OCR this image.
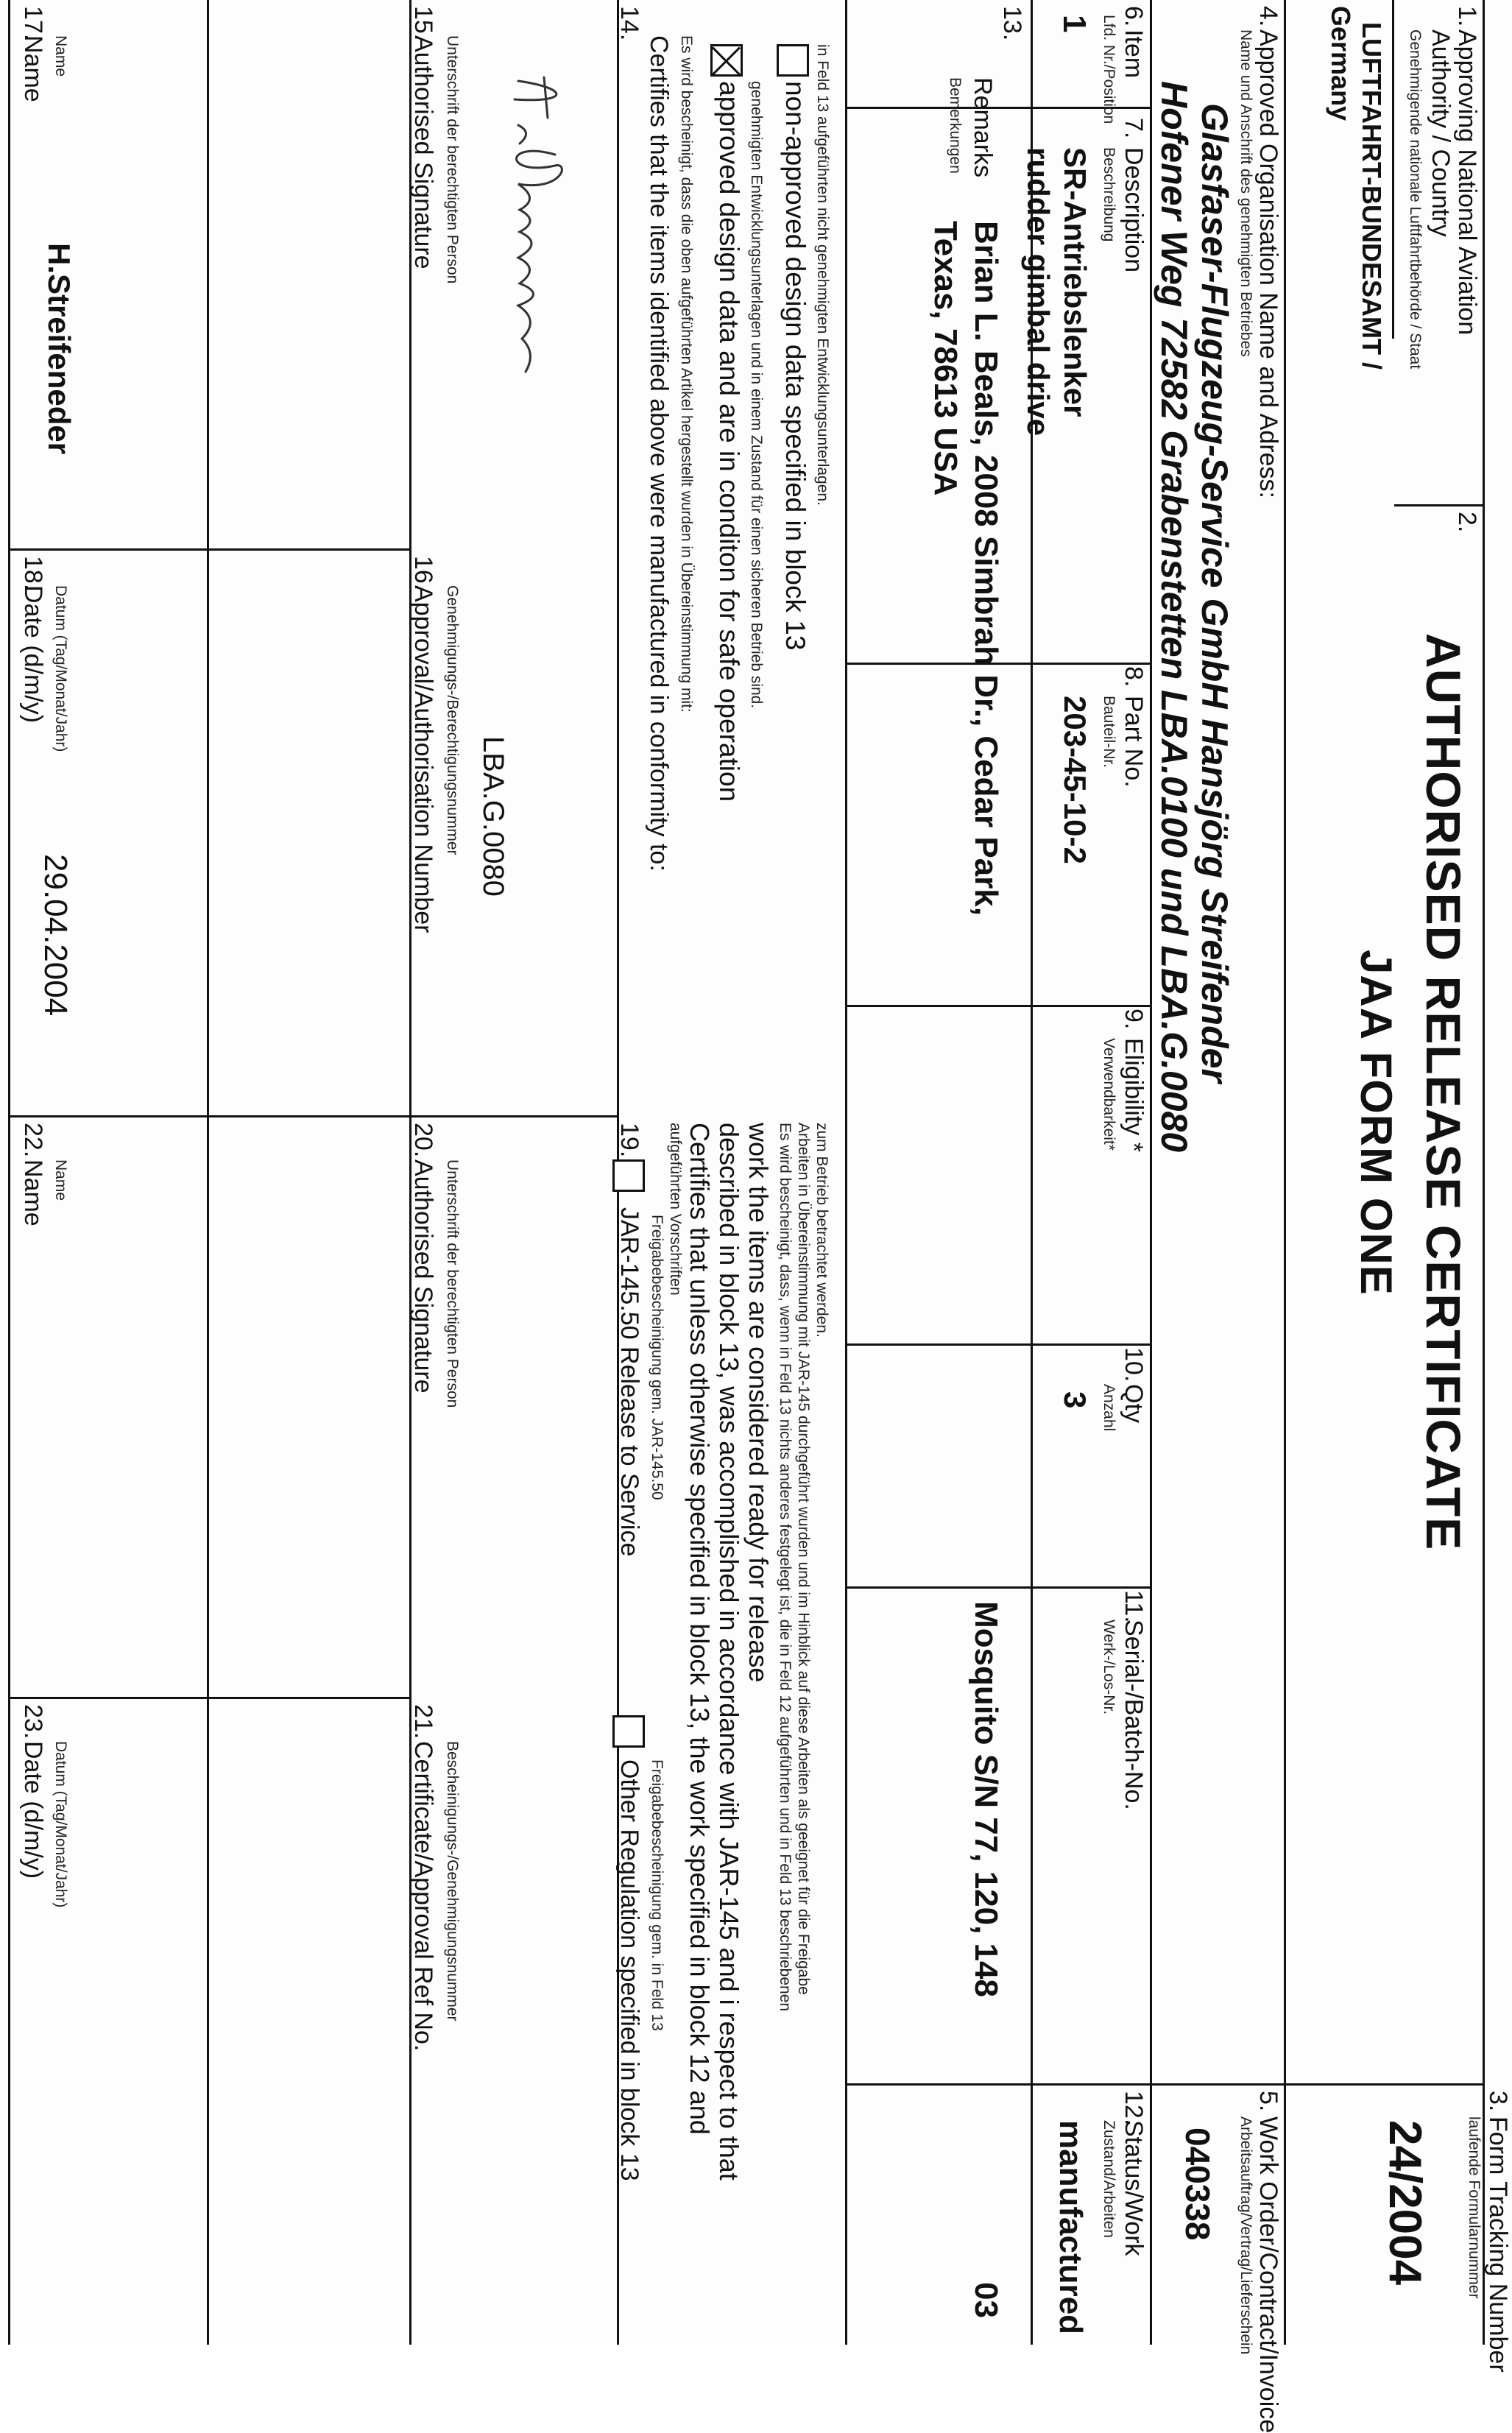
1.
Approving National Aviation
Authority / Country
Genehmigende nationale Luftfahrtbehörde / Staat
LUFTFAHRT-BUNDESAMT /
Germany
2.
AUTHORISED RELEASE CERTIFICATE
JAA FORM ONE
3.
Form Tracking Number
laufende Formularnummer
24/2004
4.
Approved Organisation Name and Adress:
Name und Anschrift des genehmigten Betriebes
Glasfaser-Flugzeug-Service GmbH Hansjörg Streifender
Hofener Weg 72582 Grabenstetten LBA.0100 und LBA.G.0080
5.
Work Order/Contract/Invoice
Arbeitsauftrag/Vertrag/Lieferschein
040338
6.
Item
Lfd. Nr./Position
7.
Description
Beschreibung
8.
Part No.
Bauteil-Nr.
9.
Eligibility *
Verwendbarkeit*
10.
Qty
Anzahl
11.
Serial-/Batch-No.
Werk-/Los-Nr.
12.
Status/Work
Zustand/Arbeiten
1
SR-Antriebslenker
rudder gimbal drive
203-45-10-2
3
manufactured
13.
Remarks
Bemerkungen
Brian L. Beals, 2008 Simbrah Dr., Cedar Park,
Texas, 78613 USA
Mosquito S/N 77, 120, 148
03
14.
Certifies that the items identified above were manufactured in conformity to: Es wird bescheinigt, dass die oben aufgeführten Artikel hergestellt wurden in Übereinstimmung mit: approved design data and are in conditon for safe operation genehmigten Entwicklungsunterlagen und in einem Zustand für einen sicheren Betrieb sind. non-approved design data specified in block 13 in Feld 13 aufgeführten nicht genehmigten Entwicklungsunterlagen.
19.
JAR-145.50 Release to Service Freigabebescheinigung gem. JAR-145.50
aufgeführten Vorschriften
Other Regulation specified in block 13 Freigabebescheinigung gem. in Feld 13 Certifies that unless otherwise specified in block 13, the work specified in block 12 and described in block 13, was accomplished in accordance with JAR-145 and i respect to that work the items are considered ready for release Es wird bescheinigt, dass, wenn in Feld 13 nichts anderes festgelegt ist, die in Feld 12 aufgeführten und in Feld 13 beschriebenen Arbeiten in Übereinstimmung mit JAR-145 durchgeführt wurden und im Hinblick auf diese Arbeiten als geeignet für die Freigabe zum Betrieb betrachtet werden.
15.
Authorised Signature Unterschrift der berechtigten Person
16.
Approval/Authorisation Number Genehmigungs-/Berechtigungsnummer LBA.G.0080
20.
Authorised Signature Unterschrift der berechtigten Person
21.
Certificate/Approval Ref No. Bescheinigungs-/Genehmigungsnummer
17.
Name Name
H.Streifeneder
18.
Date (d/m/y) Datum (Tag/Monat/Jahr)
29.04.2004
22.
Name Name
23.
Date (d/m/y) Datum (Tag/Monat/Jahr)
